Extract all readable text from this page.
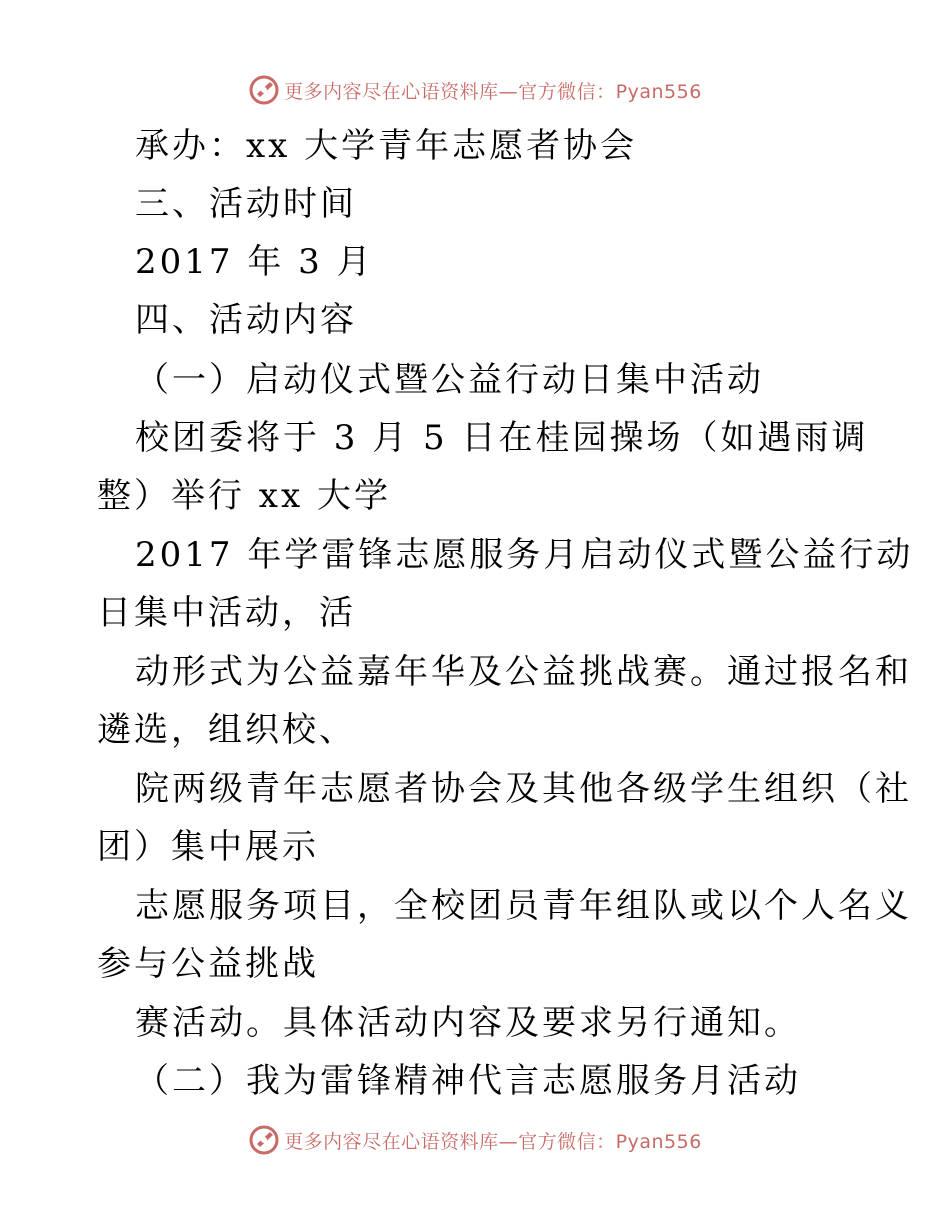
更多内容尽在心语资料库—官方微信：Pyan556
承办：xx 大学青年志愿者协会
三、活动时间
2017 年 3 月
四、活动内容
（一）启动仪式暨公益行动日集中活动
校团委将于 3 月 5 日在桂园操场（如遇雨调
整）举行 xx 大学
2017 年学雷锋志愿服务月启动仪式暨公益行动
日集中活动，活
动形式为公益嘉年华及公益挑战赛。通过报名和
遴选，组织校、
院两级青年志愿者协会及其他各级学生组织（社
团）集中展示
志愿服务项目，全校团员青年组队或以个人名义
参与公益挑战
赛活动。具体活动内容及要求另行通知。
（二）我为雷锋精神代言志愿服务月活动
更多内容尽在心语资料库—官方微信：Pyan556
